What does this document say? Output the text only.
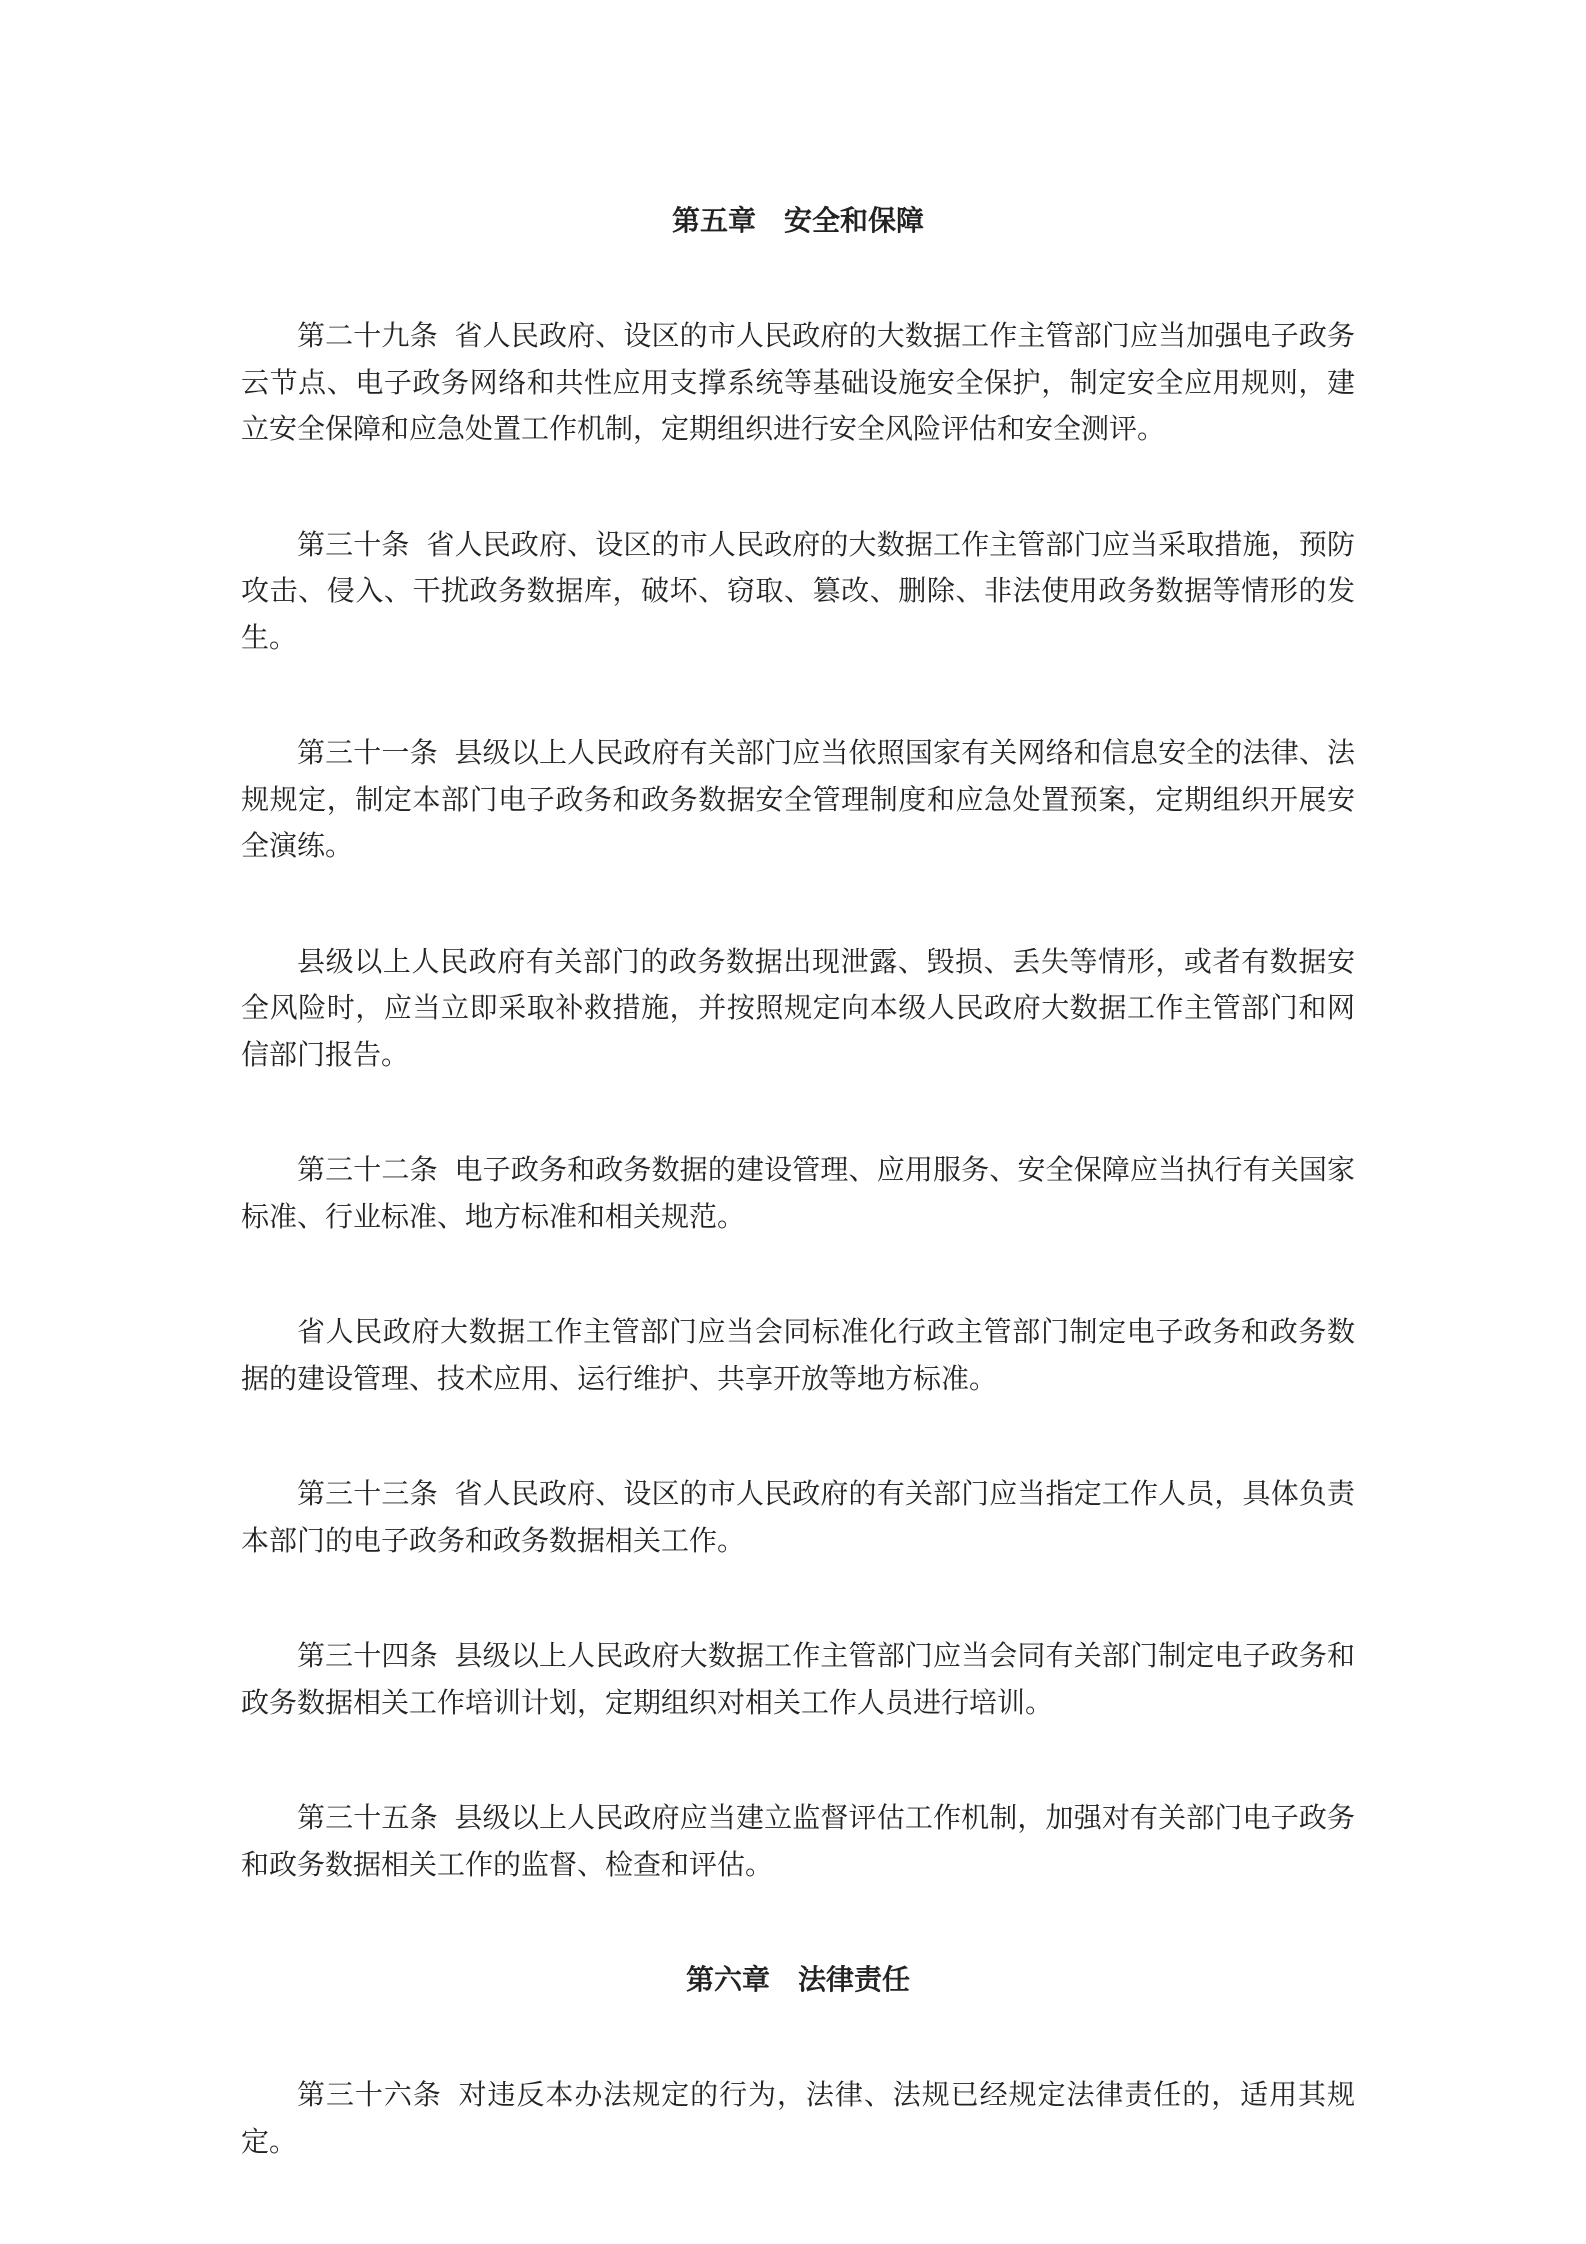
第五章　安全和保障

第二十九条 省人民政府、设区的市人民政府的大数据工作主管部门应当加强电子政务云节点、电子政务网络和共性应用支撑系统等基础设施安全保护，制定安全应用规则，建立安全保障和应急处置工作机制，定期组织进行安全风险评估和安全测评。

第三十条 省人民政府、设区的市人民政府的大数据工作主管部门应当采取措施，预防攻击、侵入、干扰政务数据库，破坏、窃取、篡改、删除、非法使用政务数据等情形的发生。

第三十一条 县级以上人民政府有关部门应当依照国家有关网络和信息安全的法律、法规规定，制定本部门电子政务和政务数据安全管理制度和应急处置预案，定期组织开展安全演练。

县级以上人民政府有关部门的政务数据出现泄露、毁损、丢失等情形，或者有数据安全风险时，应当立即采取补救措施，并按照规定向本级人民政府大数据工作主管部门和网信部门报告。

第三十二条 电子政务和政务数据的建设管理、应用服务、安全保障应当执行有关国家标准、行业标准、地方标准和相关规范。

省人民政府大数据工作主管部门应当会同标准化行政主管部门制定电子政务和政务数据的建设管理、技术应用、运行维护、共享开放等地方标准。

第三十三条 省人民政府、设区的市人民政府的有关部门应当指定工作人员，具体负责本部门的电子政务和政务数据相关工作。

第三十四条 县级以上人民政府大数据工作主管部门应当会同有关部门制定电子政务和政务数据相关工作培训计划，定期组织对相关工作人员进行培训。

第三十五条 县级以上人民政府应当建立监督评估工作机制，加强对有关部门电子政务和政务数据相关工作的监督、检查和评估。

第六章　法律责任

第三十六条 对违反本办法规定的行为，法律、法规已经规定法律责任的，适用其规定。
